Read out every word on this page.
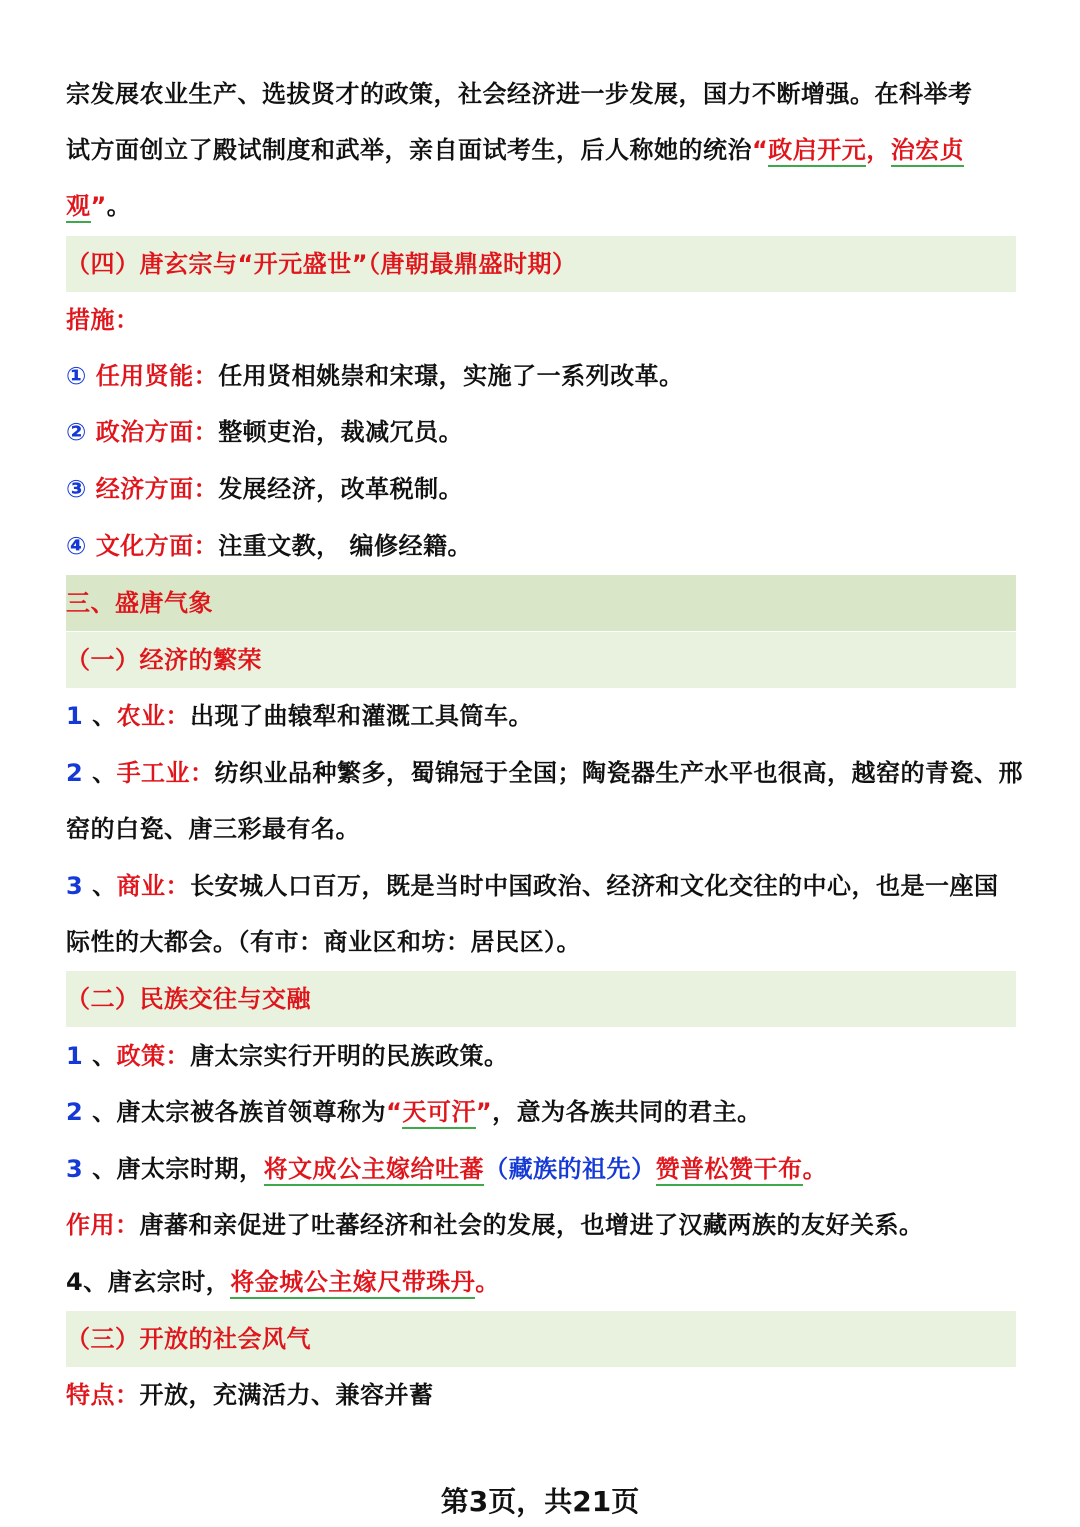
宗发展农业生产、选拔贤才的政策，社会经济进一步发展，国力不断增强。在科举考
试方面创立了殿试制度和武举，亲自面试考生，后人称她的统治“政启开元，治宏贞
观”。
（四）唐玄宗与“开元盛世”（唐朝最鼎盛时期）
措施：
① 任用贤能：任用贤相姚崇和宋璟，实施了一系列改革。
② 政治方面：整顿吏治，裁减冗员。
③ 经济方面：发展经济，改革税制。
④ 文化方面：注重文教， 编修经籍。
三、盛唐气象
（一）经济的繁荣
1 、农业：出现了曲辕犁和灌溉工具筒车。
2 、手工业：纺织业品种繁多，蜀锦冠于全国；陶瓷器生产水平也很高，越窑的青瓷、邢
窑的白瓷、唐三彩最有名。
3 、商业：长安城人口百万，既是当时中国政治、经济和文化交往的中心，也是一座国
际性的大都会。（有市：商业区和坊：居民区）。
（二）民族交往与交融
1 、政策：唐太宗实行开明的民族政策。
2 、唐太宗被各族首领尊称为“天可汗”，意为各族共同的君主。
3 、唐太宗时期，将文成公主嫁给吐蕃（藏族的祖先）赞普松赞干布。
作用：唐蕃和亲促进了吐蕃经济和社会的发展，也增进了汉藏两族的友好关系。
4、唐玄宗时，将金城公主嫁尺带珠丹。
（三）开放的社会风气
特点：开放，充满活力、兼容并蓄
第3页，共21页
